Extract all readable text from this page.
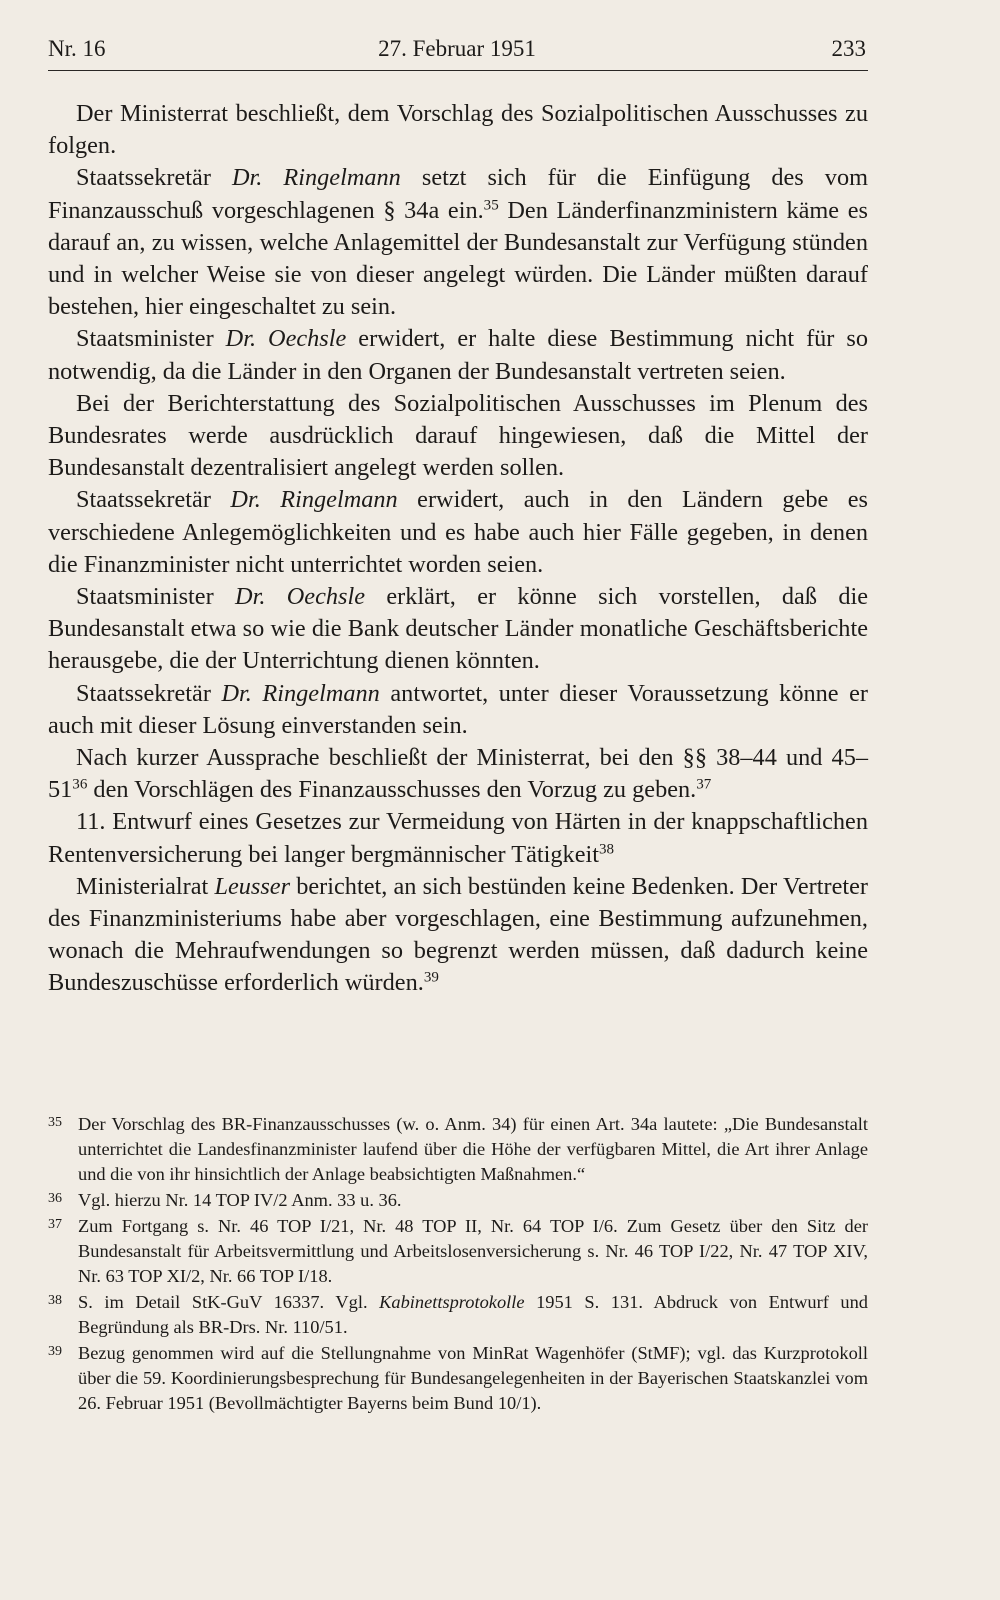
Nr. 16	27. Februar 1951	233

Der Ministerrat beschließt, dem Vorschlag des Sozialpolitischen Ausschusses zu folgen.

Staatssekretär Dr. Ringelmann setzt sich für die Einfügung des vom Finanzausschuß vorgeschlagenen § 34a ein.$^{35}$ Den Länderfinanzministern käme es darauf an, zu wissen, welche Anlagemittel der Bundesanstalt zur Verfügung stünden und in welcher Weise sie von dieser angelegt würden. Die Länder müßten darauf bestehen, hier eingeschaltet zu sein.

Staatsminister Dr. Oechsle erwidert, er halte diese Bestimmung nicht für so notwendig, da die Länder in den Organen der Bundesanstalt vertreten seien.

Bei der Berichterstattung des Sozialpolitischen Ausschusses im Plenum des Bundesrates werde ausdrücklich darauf hingewiesen, daß die Mittel der Bundesanstalt dezentralisiert angelegt werden sollen.

Staatssekretär Dr. Ringelmann erwidert, auch in den Ländern gebe es verschiedene Anlegemöglichkeiten und es habe auch hier Fälle gegeben, in denen die Finanzminister nicht unterrichtet worden seien.

Staatsminister Dr. Oechsle erklärt, er könne sich vorstellen, daß die Bundesanstalt etwa so wie die Bank deutscher Länder monatliche Geschäftsberichte herausgebe, die der Unterrichtung dienen könnten.

Staatssekretär Dr. Ringelmann antwortet, unter dieser Voraussetzung könne er auch mit dieser Lösung einverstanden sein.

Nach kurzer Aussprache beschließt der Ministerrat, bei den §§ 38–44 und $45-51^{36}$ den Vorschlägen des Finanzausschusses den Vorzug zu geben.$^{37}$

11. Entwurf eines Gesetzes zur Vermeidung von Härten in der knappschaftlichen Rentenversicherung bei langer bergmännischer Tätigkeit$^{38}$

Ministerialrat Leusser berichtet, an sich bestünden keine Bedenken. Der Vertreter des Finanzministeriums habe aber vorgeschlagen, eine Bestimmung aufzunehmen, wonach die Mehraufwendungen so begrenzt werden müssen, daß dadurch keine Bundeszuschüsse erforderlich würden.$^{39}$

35 Der Vorschlag des BR-Finanzausschusses (w. o. Anm. 34) für einen Art. 34a lautete: „Die Bundesanstalt unterrichtet die Landesfinanzminister laufend über die Höhe der verfügbaren Mittel, die Art ihrer Anlage und die von ihr hinsichtlich der Anlage beabsichtigten Maßnahmen.“
36 Vgl. hierzu Nr. 14 TOP IV/2 Anm. 33 u. 36.
37 Zum Fortgang s. Nr. 46 TOP I/21, Nr. 48 TOP II, Nr. 64 TOP I/6. Zum Gesetz über den Sitz der Bundesanstalt für Arbeitsvermittlung und Arbeitslosenversicherung s. Nr. 46 TOP I/22, Nr. 47 TOP XIV, Nr. 63 TOP XI/2, Nr. 66 TOP I/18.
38 S. im Detail StK-GuV 16337. Vgl. Kabinettsprotokolle 1951 S. 131. Abdruck von Entwurf und Begründung als BR-Drs. Nr. 110/51.
39 Bezug genommen wird auf die Stellungnahme von MinRat Wagenhöfer (StMF); vgl. das Kurzprotokoll über die 59. Koordinierungsbesprechung für Bundesangelegenheiten in der Bayerischen Staatskanzlei vom 26. Februar 1951 (Bevollmächtigter Bayerns beim Bund 10/1).
